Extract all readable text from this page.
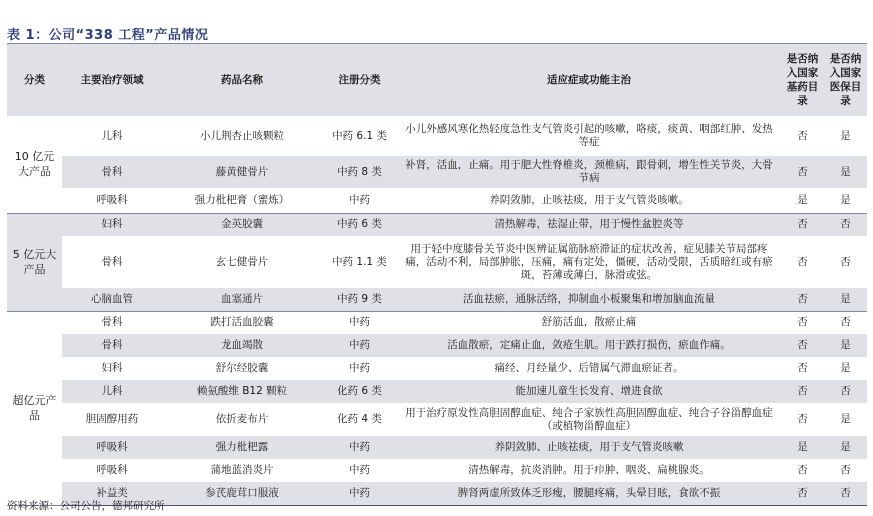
表 1：公司“338 工程”产品情况
分类	主要治疗领域	药品名称	注册分类	适应症或功能主治	是否纳入国家基药目录	是否纳入国家医保目录
10 亿元大产品	儿科	小儿荆杏止咳颗粒	中药 6.1 类	小儿外感风寒化热轻度急性支气管炎引起的咳嗽，咯痰，痰黄、咽部红肿、发热等症	否	是
	骨科	藤黄健骨片	中药 8 类	补肾，活血，止痛。用于肥大性脊椎炎，颈椎病，跟骨刺，增生性关节炎，大骨节病	否	是
	呼吸科	强力枇杷膏（蜜炼）	中药	养阴敛肺，止咳祛痰，用于支气管炎咳嗽。	是	是
5 亿元大产品	妇科	金英胶囊	中药 6 类	清热解毒，祛湿止带，用于慢性盆腔炎等	否	否
	骨科	玄七健骨片	中药 1.1 类	用于轻中度膝骨关节炎中医辨证属筋脉瘀滞证的症状改善，症见膝关节局部疼痛，活动不利，局部肿胀，压痛，痛有定处，僵硬，活动受限，舌质暗红或有瘀斑，苔薄或薄白，脉滑或弦。	否	否
	心脑血管	血塞通片	中药 9 类	活血祛瘀，通脉活络，抑制血小板聚集和增加脑血流量	否	是
超亿元产品	骨科	跌打活血胶囊	中药	舒筋活血，散瘀止痛	否	否
	骨科	龙血竭散	中药	活血散瘀，定痛止血，敛疮生肌。用于跌打损伤，瘀血作痛。	否	是
	妇科	舒尔经胶囊	中药	痛经、月经量少、后错属气滞血瘀证者。	否	是
	儿科	赖氨酸维 B12 颗粒	化药 6 类	能加速儿童生长发育、增进食欲	否	否
	胆固醇用药	依折麦布片	化药 4 类	用于治疗原发性高胆固醇血症、纯合子家族性高胆固醇血症、纯合子谷甾醇血症（或植物甾醇血症）	否	是
	呼吸科	强力枇杷露	中药	养阴敛肺、止咳祛痰，用于支气管炎咳嗽	是	是
	呼吸科	蒲地蓝消炎片	中药	清热解毒，抗炎消肿。用于疖肿、咽炎、扁桃腺炎。	否	否
	补益类	参芪鹿茸口服液	中药	脾肾两虚所致体乏形瘦，腰腿疼痛，头晕目眩，食欲不振	否	否
资料来源：公司公告，德邦研究所
